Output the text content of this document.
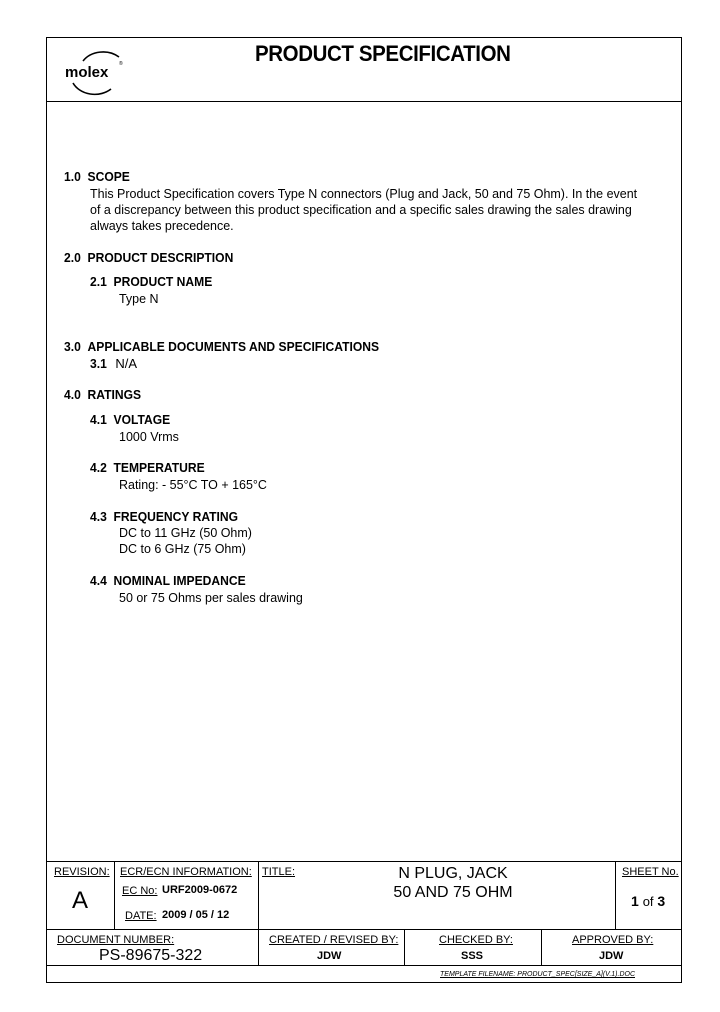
molex ®	PRODUCT SPECIFICATION
1.0 SCOPE
This Product Specification covers Type N connectors (Plug and Jack, 50 and 75 Ohm). In the event
of a discrepancy between this product specification and a specific sales drawing the sales drawing
always takes precedence.
2.0 PRODUCT DESCRIPTION
2.1 PRODUCT NAME
Type N
3.0 APPLICABLE DOCUMENTS AND SPECIFICATIONS
3.1 N/A
4.0 RATINGS
4.1 VOLTAGE
1000 Vrms
4.2 TEMPERATURE
Rating: - 55°C TO + 165°C
4.3 FREQUENCY RATING
DC to 11 GHz (50 Ohm)
DC to 6 GHz (75 Ohm)
4.4 NOMINAL IMPEDANCE
50 or 75 Ohms per sales drawing
REVISION:
A
ECR/ECN INFORMATION:
EC No: URF2009-0672
DATE: 2009 / 05 / 12
TITLE:	N PLUG, JACK
50 AND 75 OHM
SHEET No.
1 of 3
DOCUMENT NUMBER:
PS-89675-322
CREATED / REVISED BY:
JDW
CHECKED BY:
SSS
APPROVED BY:
JDW
TEMPLATE FILENAME: PRODUCT_SPEC[SIZE_A](V.1).DOC
